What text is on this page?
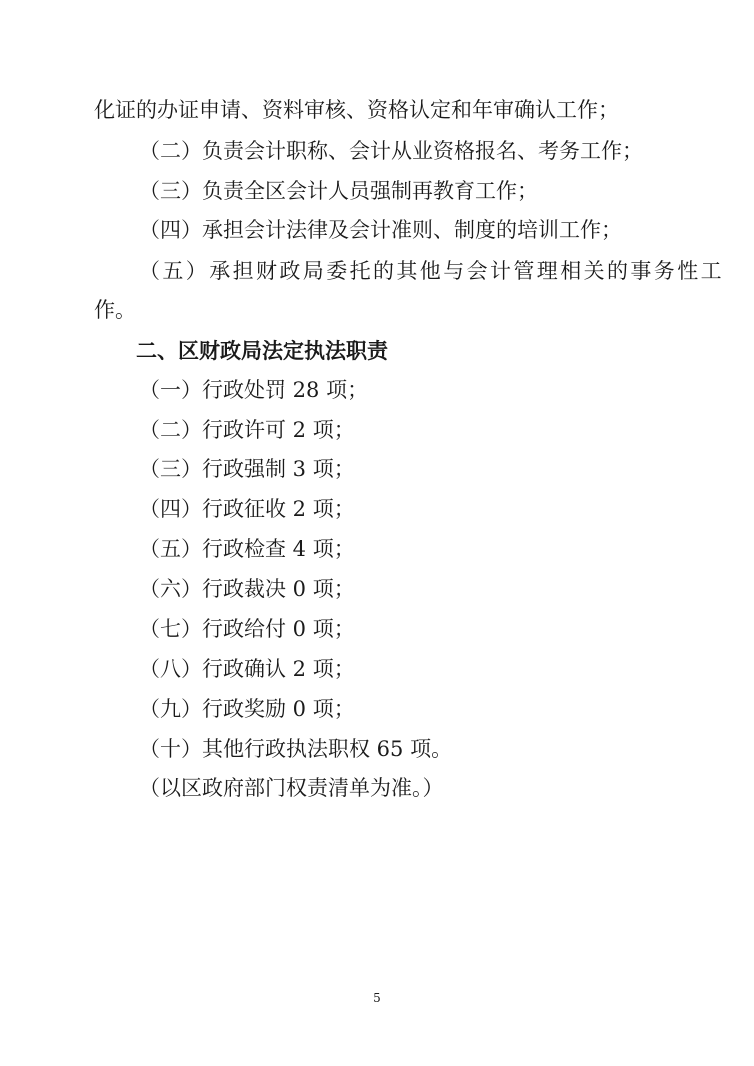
化证的办证申请、资料审核、资格认定和年审确认工作；
（二）负责会计职称、会计从业资格报名、考务工作；
（三）负责全区会计人员强制再教育工作；
（四）承担会计法律及会计准则、制度的培训工作；
（五）承担财政局委托的其他与会计管理相关的事务性工
作。
二、区财政局法定执法职责
（一）行政处罚 28 项；
（二）行政许可 2 项；
（三）行政强制 3 项；
（四）行政征收 2 项；
（五）行政检查 4 项；
（六）行政裁决 0 项；
（七）行政给付 0 项；
（八）行政确认 2 项；
（九）行政奖励 0 项；
（十）其他行政执法职权 65 项。
（以区政府部门权责清单为准。）
5
